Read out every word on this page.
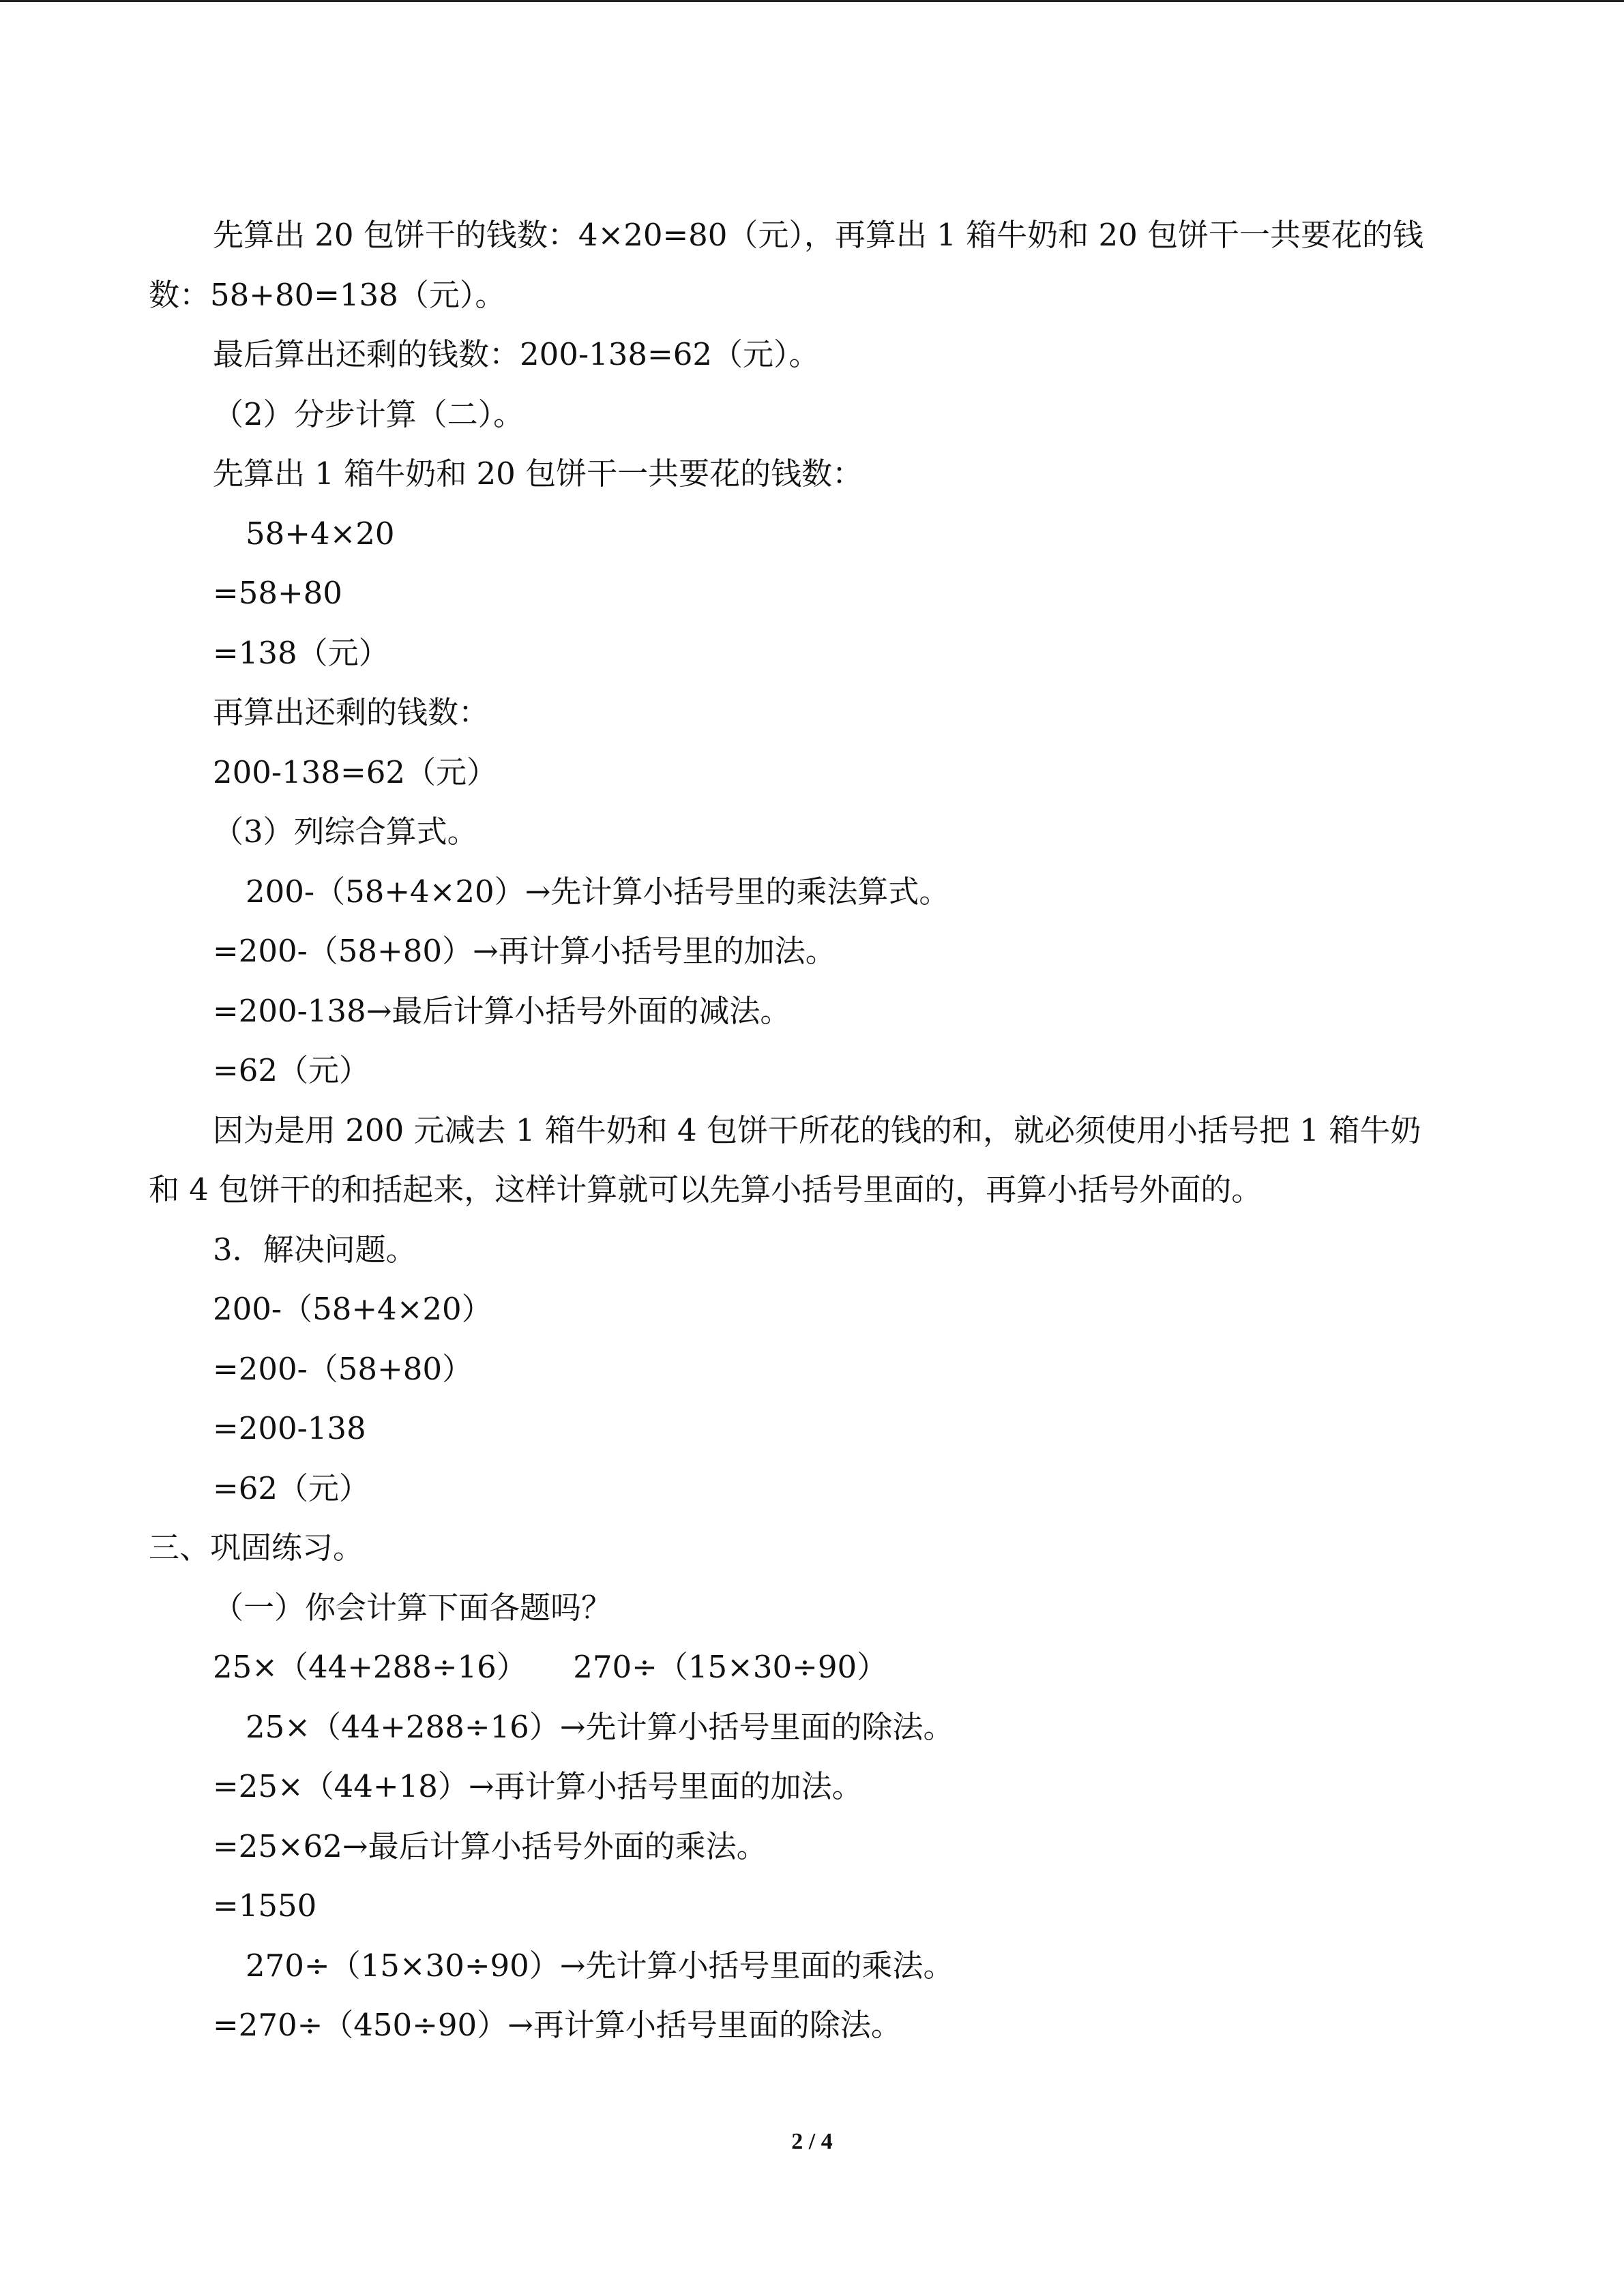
先算出 20 包饼干的钱数：4×20=80（元），再算出 1 箱牛奶和 20 包饼干一共要花的钱
数：58+80=138（元）。
最后算出还剩的钱数：200-138=62（元）。
（2）分步计算（二）。
先算出 1 箱牛奶和 20 包饼干一共要花的钱数：
58+4×20
=58+80
=138（元）
再算出还剩的钱数：
200-138=62（元）
（3）列综合算式。
200-（58+4×20）→先计算小括号里的乘法算式。
=200-（58+80）→再计算小括号里的加法。
=200-138→最后计算小括号外面的减法。
=62（元）
因为是用 200 元减去 1 箱牛奶和 4 包饼干所花的钱的和，就必须使用小括号把 1 箱牛奶
和 4 包饼干的和括起来，这样计算就可以先算小括号里面的，再算小括号外面的。
3．解决问题。
200-（58+4×20）
=200-（58+80）
=200-138
=62（元）
三、巩固练习。
（一）你会计算下面各题吗？
25×（44+288÷16）　　270÷（15×30÷90）
25×（44+288÷16）→先计算小括号里面的除法。
=25×（44+18）→再计算小括号里面的加法。
=25×62→最后计算小括号外面的乘法。
=1550
270÷（15×30÷90）→先计算小括号里面的乘法。
=270÷（450÷90）→再计算小括号里面的除法。
2 / 4
